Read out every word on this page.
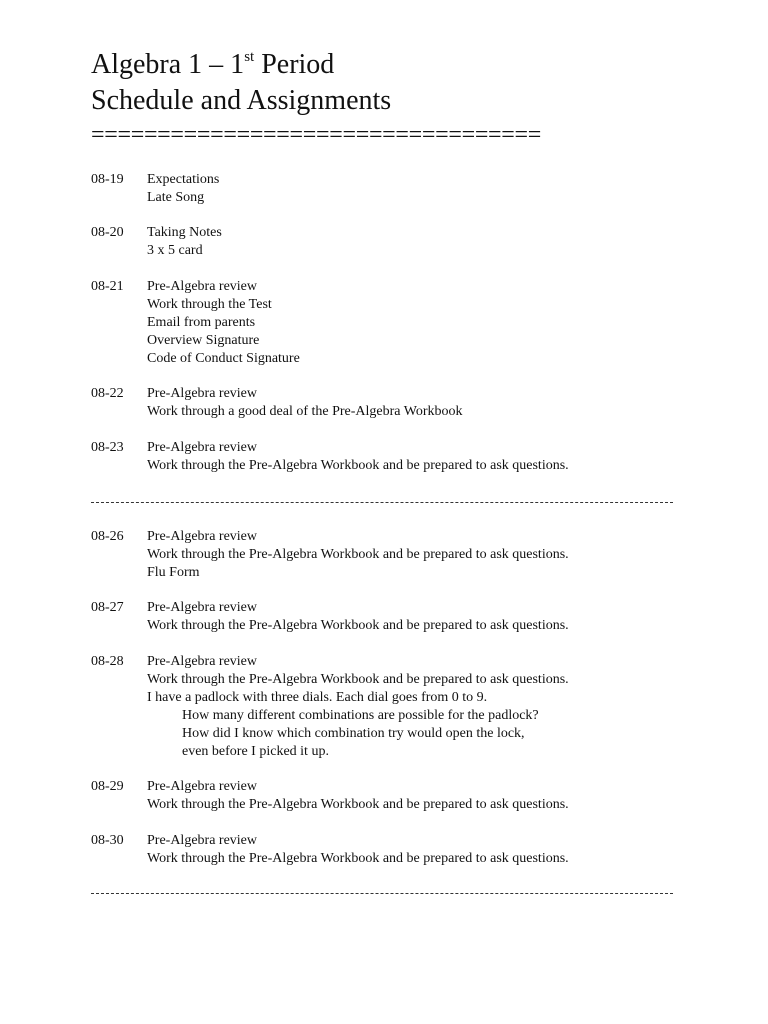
Algebra 1 – 1st Period
Schedule and Assignments
==================================
08-19	Expectations
Late Song
08-20	Taking Notes
3 x 5 card
08-21	Pre-Algebra review
Work through the Test
Email from parents
Overview Signature
Code of Conduct Signature
08-22	Pre-Algebra review
Work through a good deal of the Pre-Algebra Workbook
08-23	Pre-Algebra review
Work through the Pre-Algebra Workbook and be prepared to ask questions.
08-26	Pre-Algebra review
Work through the Pre-Algebra Workbook and be prepared to ask questions.
Flu Form
08-27	Pre-Algebra review
Work through the Pre-Algebra Workbook and be prepared to ask questions.
08-28	Pre-Algebra review
Work through the Pre-Algebra Workbook and be prepared to ask questions.
I have a padlock with three dials. Each dial goes from 0 to 9.
How many different combinations are possible for the padlock?
How did I know which combination try would open the lock,
even before I picked it up.
08-29	Pre-Algebra review
Work through the Pre-Algebra Workbook and be prepared to ask questions.
08-30	Pre-Algebra review
Work through the Pre-Algebra Workbook and be prepared to ask questions.
